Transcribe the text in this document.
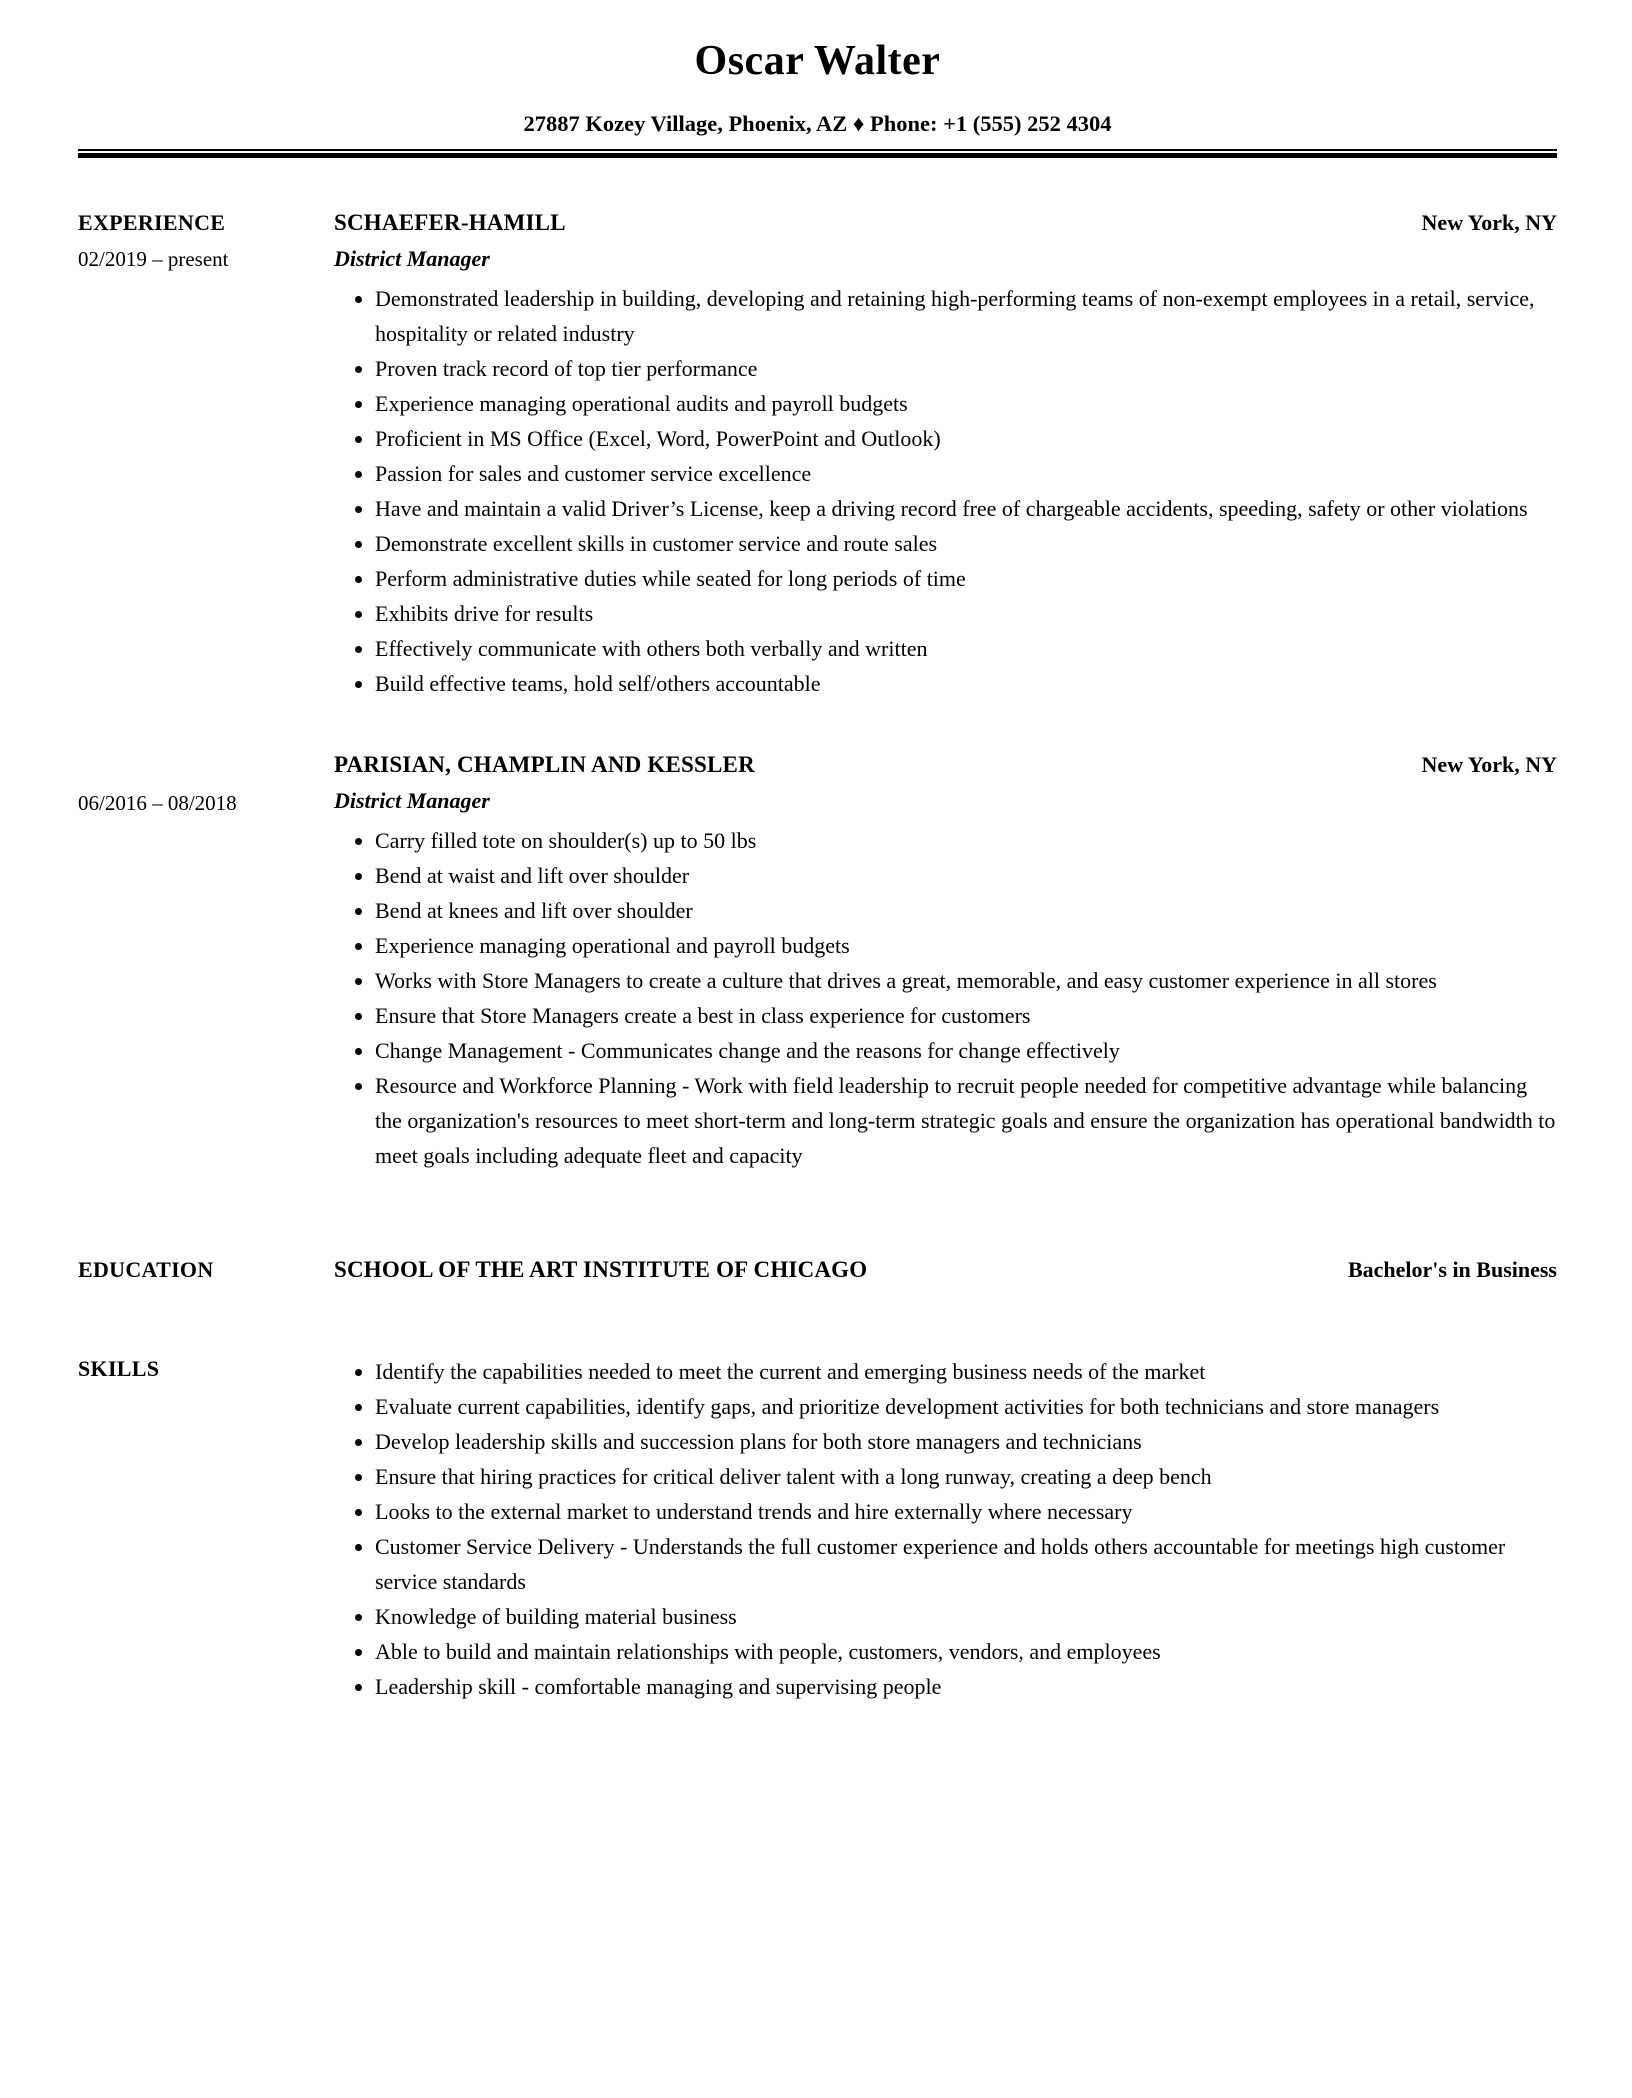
Oscar Walter
27887 Kozey Village, Phoenix, AZ ♦ Phone: +1 (555) 252 4304
EXPERIENCE
02/2019 – present
SCHAEFER-HAMILL	New York, NY
District Manager
• Demonstrated leadership in building, developing and retaining high-performing teams of non-exempt employees in a retail, service, hospitality or related industry
• Proven track record of top tier performance
• Experience managing operational audits and payroll budgets
• Proficient in MS Office (Excel, Word, PowerPoint and Outlook)
• Passion for sales and customer service excellence
• Have and maintain a valid Driver’s License, keep a driving record free of chargeable accidents, speeding, safety or other violations
• Demonstrate excellent skills in customer service and route sales
• Perform administrative duties while seated for long periods of time
• Exhibits drive for results
• Effectively communicate with others both verbally and written
• Build effective teams, hold self/others accountable
06/2016 – 08/2018
PARISIAN, CHAMPLIN AND KESSLER	New York, NY
District Manager
• Carry filled tote on shoulder(s) up to 50 lbs
• Bend at waist and lift over shoulder
• Bend at knees and lift over shoulder
• Experience managing operational and payroll budgets
• Works with Store Managers to create a culture that drives a great, memorable, and easy customer experience in all stores
• Ensure that Store Managers create a best in class experience for customers
• Change Management - Communicates change and the reasons for change effectively
• Resource and Workforce Planning - Work with field leadership to recruit people needed for competitive advantage while balancing the organization's resources to meet short-term and long-term strategic goals and ensure the organization has operational bandwidth to meet goals including adequate fleet and capacity
EDUCATION	SCHOOL OF THE ART INSTITUTE OF CHICAGO	Bachelor's in Business
SKILLS	• Identify the capabilities needed to meet the current and emerging business needs of the market
• Evaluate current capabilities, identify gaps, and prioritize development activities for both technicians and store managers
• Develop leadership skills and succession plans for both store managers and technicians
• Ensure that hiring practices for critical deliver talent with a long runway, creating a deep bench
• Looks to the external market to understand trends and hire externally where necessary
• Customer Service Delivery - Understands the full customer experience and holds others accountable for meetings high customer service standards
• Knowledge of building material business
• Able to build and maintain relationships with people, customers, vendors, and employees
• Leadership skill - comfortable managing and supervising people
